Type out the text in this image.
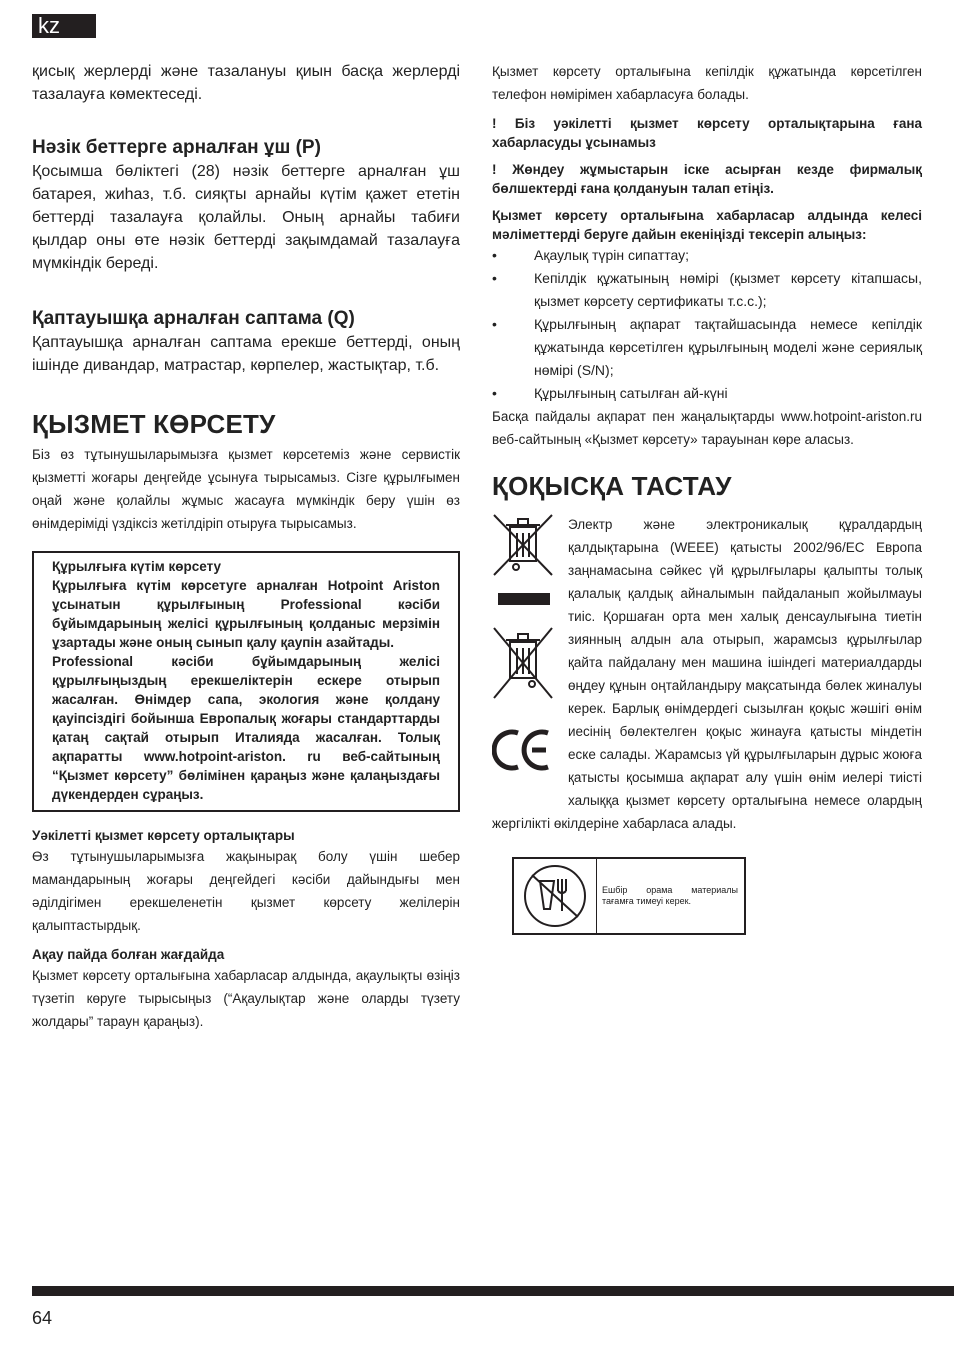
kz

қисық жерлерді және тазалануы қиын басқа жерлерді тазалауға көмектеседі.

Нәзік беттерге арналған ұш (P)

Қосымша бөліктегі (28) нәзік беттерге арналған ұш батарея, жиһаз, т.б. сияқты арнайы күтім қажет ететін беттерді тазалауға қолайлы. Оның арнайы табиғи қылдар оны өте нәзік беттерді зақымдамай тазалауға мүмкіндік береді.

Қаптауышқа арналған саптама (Q)

Қаптауышқа арналған саптама ерекше беттерді, оның ішінде дивандар, матрастар, көрпелер, жастықтар, т.б.

ҚЫЗМЕТ КӨРСЕТУ

Біз өз тұтынушыларымызға қызмет көрсетеміз және сервистік қызметті жоғары деңгейде ұсынуға тырысамыз. Сізге құрылғымен оңай және қолайлы жұмыс жасауға мүмкіндік беру үшін өз өнімдеріміді үздіксіз жетілдіріп отыруға тырысамыз.

Құрылғыға күтім көрсету

Құрылғыға күтім көрсетуге арналған Hotpoint Ariston ұсынатын құрылғының Professional кәсіби бұйымдарының желісі құрылғының қолданыс мерзімін ұзартады және оның сынып қалу қаупін азайтады.

Professional кәсіби бұйымдарының желісі құрылғыңыздың ерекшеліктерін ескере отырып жасалған. Өнімдер сапа, экология және қолдану қауіпсіздігі бойынша Европалық жоғары стандарттарды қатаң сақтай отырып Италияда жасалған. Толық ақпаратты www.hotpoint-ariston. ru веб-сайтының “Қызмет көрсету” бөлімінен қараңыз және қалаңыздағы дүкендерден сұраңыз.

Уәкілетті қызмет көрсету орталықтары

Өз тұтынушыларымызға жақынырақ болу үшін шебер мамандарының жоғары деңгейдегі кәсіби дайындығы мен әділдігімен ерекшеленетін қызмет көрсету желілерін қалыптастырдық.

Ақау пайда болған жағдайда

Қызмет көрсету орталығына хабарласар алдында, ақаулықты өзіңіз түзетіп көруге тырысыңыз (“Ақаулықтар және оларды түзету жолдары” тараун қараңыз).

Қызмет көрсету орталығына кепілдік құжатында көрсетілген телефон нөмірімен хабарласуға болады.

! Біз уәкілетті қызмет көрсету орталықтарына ғана хабарласуды ұсынамыз

! Жөндеу жұмыстарын іске асырған кезде фирмалық бөлшектерді ғана қолдануын талап етіңіз.

Қызмет көрсету орталығына хабарласар алдында келесі мәліметтерді беруге дайын екеніңізді тексеріп алыңыз:

• Ақаулық түрін сипаттау;
• Кепілдік құжатының нөмірі (қызмет көрсету кітапшасы, қызмет көрсету сертификаты т.с.с.);
• Құрылғының ақпарат тақтайшасында немесе кепілдік құжатында көрсетілген құрылғының моделі және сериялық нөмірі (S/N);
• Құрылғының сатылған ай-күні

Басқа пайдалы ақпарат пен жаңалықтарды www.hotpoint-ariston.ru веб-сайтының «Қызмет көрсету» тарауынан көре аласыз.

ҚОҚЫСҚА ТАСТАУ

Электр және электроникалық құралдардың қалдықтарына (WEEE) қатысты 2002/96/EC Европа заңнамасына сәйкес үй құрылғылары қалыпты толық қалалық қалдық айналымын пайдаланып жойылмауы тиіс. Қоршаған орта мен халық денсаулығына тиетін зиянның алдын ала отырып, жарамсыз құрылғылар қайта пайдалану мен машина ішіндегі материалдарды өңдеу құнын оңтайландыру мақсатында бөлек жиналуы керек. Барлық өнімдердегі сызылған қоқыс жәшігі өнім иесінің бөлектелген қоқыс жинауға қатысты міндетін еске салады. Жарамсыз үй құрылғыларын дұрыс жоюға қатысты қосымша ақпарат алу үшін өнім иелері тиісті халыққа қызмет көрсету орталығына немесе олардың жергілікті өкілдеріне хабарласа алады.

Ешбір орама материалы тағамға тимеуі керек.

64
